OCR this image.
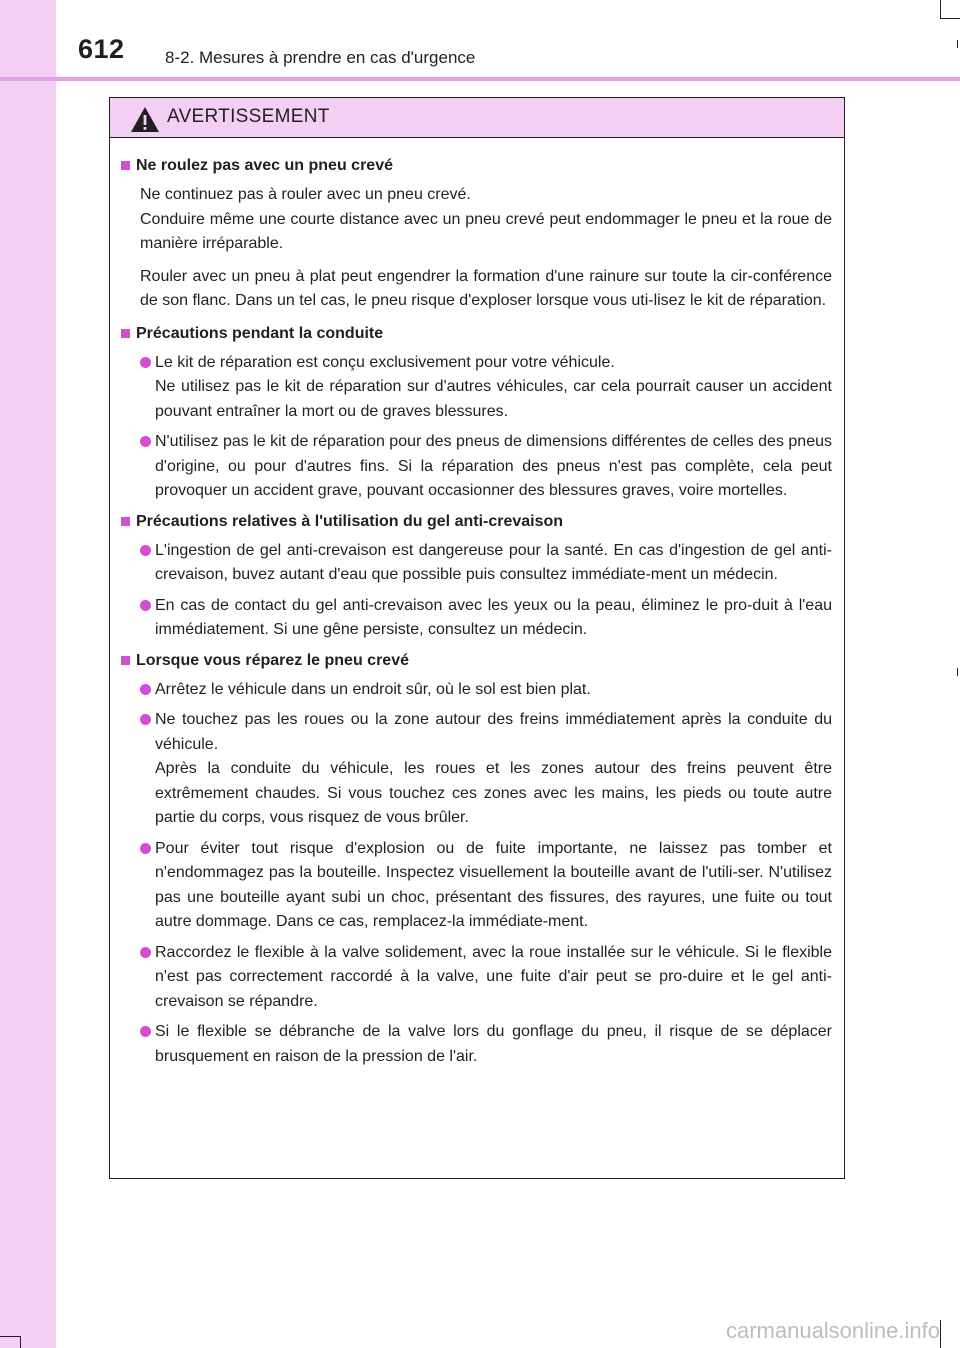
612 8-2. Mesures à prendre en cas d'urgence
AVERTISSEMENT
Ne roulez pas avec un pneu crevé
Ne continuez pas à rouler avec un pneu crevé.
Conduire même une courte distance avec un pneu crevé peut endommager le pneu et la roue de manière irréparable.
Rouler avec un pneu à plat peut engendrer la formation d'une rainure sur toute la cir-conférence de son flanc. Dans un tel cas, le pneu risque d'exploser lorsque vous uti-lisez le kit de réparation.
Précautions pendant la conduite
Le kit de réparation est conçu exclusivement pour votre véhicule.
Ne utilisez pas le kit de réparation sur d'autres véhicules, car cela pourrait causer un accident pouvant entraîner la mort ou de graves blessures.
N'utilisez pas le kit de réparation pour des pneus de dimensions différentes de celles des pneus d'origine, ou pour d'autres fins. Si la réparation des pneus n'est pas complète, cela peut provoquer un accident grave, pouvant occasionner des blessures graves, voire mortelles.
Précautions relatives à l'utilisation du gel anti-crevaison
L'ingestion de gel anti-crevaison est dangereuse pour la santé. En cas d'ingestion de gel anti-crevaison, buvez autant d'eau que possible puis consultez immédiate-ment un médecin.
En cas de contact du gel anti-crevaison avec les yeux ou la peau, éliminez le pro-duit à l'eau immédiatement. Si une gêne persiste, consultez un médecin.
Lorsque vous réparez le pneu crevé
Arrêtez le véhicule dans un endroit sûr, où le sol est bien plat.
Ne touchez pas les roues ou la zone autour des freins immédiatement après la conduite du véhicule.
Après la conduite du véhicule, les roues et les zones autour des freins peuvent être extrêmement chaudes. Si vous touchez ces zones avec les mains, les pieds ou toute autre partie du corps, vous risquez de vous brûler.
Pour éviter tout risque d'explosion ou de fuite importante, ne laissez pas tomber et n'endommagez pas la bouteille. Inspectez visuellement la bouteille avant de l'utili-ser. N'utilisez pas une bouteille ayant subi un choc, présentant des fissures, des rayures, une fuite ou tout autre dommage. Dans ce cas, remplacez-la immédiate-ment.
Raccordez le flexible à la valve solidement, avec la roue installée sur le véhicule. Si le flexible n'est pas correctement raccordé à la valve, une fuite d'air peut se pro-duire et le gel anti-crevaison se répandre.
Si le flexible se débranche de la valve lors du gonflage du pneu, il risque de se déplacer brusquement en raison de la pression de l'air.
carmanualsonline.info
